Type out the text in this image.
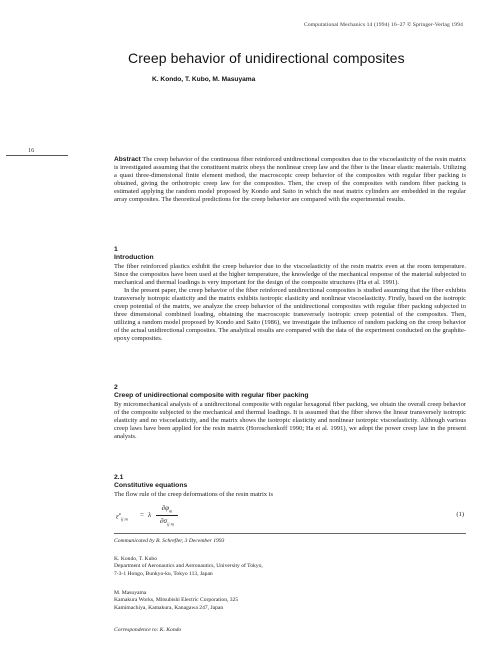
Computational Mechanics 14 (1994) 16–27 © Springer-Verlag 1994
Creep behavior of unidirectional composites
K. Kondo, T. Kubo, M. Masuyama
16

Abstract The creep behavior of the continuous fiber reinforced unidirectional composites due to the viscoelasticity of the resin matrix is investigated assuming that the constituent matrix obeys the nonlinear creep law and the fiber is the linear elastic materials. Utilizing a quasi three-dimensional finite element method, the macroscopic creep behavior of the composites with regular fiber packing is obtained, giving the orthotropic creep law for the composites. Then, the creep of the composites with random fiber packing is estimated applying the random model proposed by Kondo and Saito in which the neat matrix cylinders are embedded in the regular array composites. The theoretical predictions for the creep behavior are compared with the experimental results.

1
Introduction

The fiber reinforced plastics exhibit the creep behavior due to the viscoelasticity of the resin matrix even at the room temperature. Since the composites have been used at the higher temperature, the knowledge of the mechanical response of the material subjected to mechanical and thermal loadings is very important for the design of the composite structures (Ha et al. 1991).

In the present paper, the creep behavior of the fiber reinforced unidirectional composites is studied assuming that the fiber exhibits transversely isotropic elasticity and the matrix exhibits isotropic elasticity and nonlinear viscoelasticity. Firstly, based on the isotropic creep potential of the matrix, we analyze the creep behavior of the unidirectional composites with regular fiber packing subjected to three dimensional combined loading, obtaining the macroscopic transversely isotropic creep potential of the composites. Then, utilizing a random model proposed by Kondo and Saito (1986), we investigate the influence of random packing on the creep behavior of the actual unidirectional composites. The analytical results are compared with the data of the experiment conducted on the graphite-epoxy composites.

2
Creep of unidirectional composite with regular fiber packing

By micromechanical analysis of a unidirectional composite with regular hexagonal fiber packing, we obtain the overall creep behavior of the composite subjected to the mechanical and thermal loadings. It is assumed that the fiber shows the linear transversely isotropic elasticity and no viscoelasticity, and the matrix shows the isotropic elasticity and nonlinear isotropic viscoelasticity. Although various creep laws have been applied for the resin matrix (Horoschenkoff 1990; Ha et al. 1991), we adopt the power creep law in the present analysis.

2.1
Constitutive equations

The flow rule of the creep deformations of the resin matrix is

ε̇$^c_{ij m}$
= λ
$\partial\varphi_m$
$\partial\sigma_{ij m}$
(1)
Communicated by B. Schrefler, 3 December 1993
K. Kondo, T. Kubo
Department of Aeronautics and Astronautics, University of Tokyo,
7-3-1 Hongo, Bunkyo-ku, Tokyo 113, Japan
M. Masuyama
Kamakura Works, Mitsubishi Electric Corporation, 325
Kamimachiya, Kamakura, Kanagawa 247, Japan
Correspondence to: K. Kondo
